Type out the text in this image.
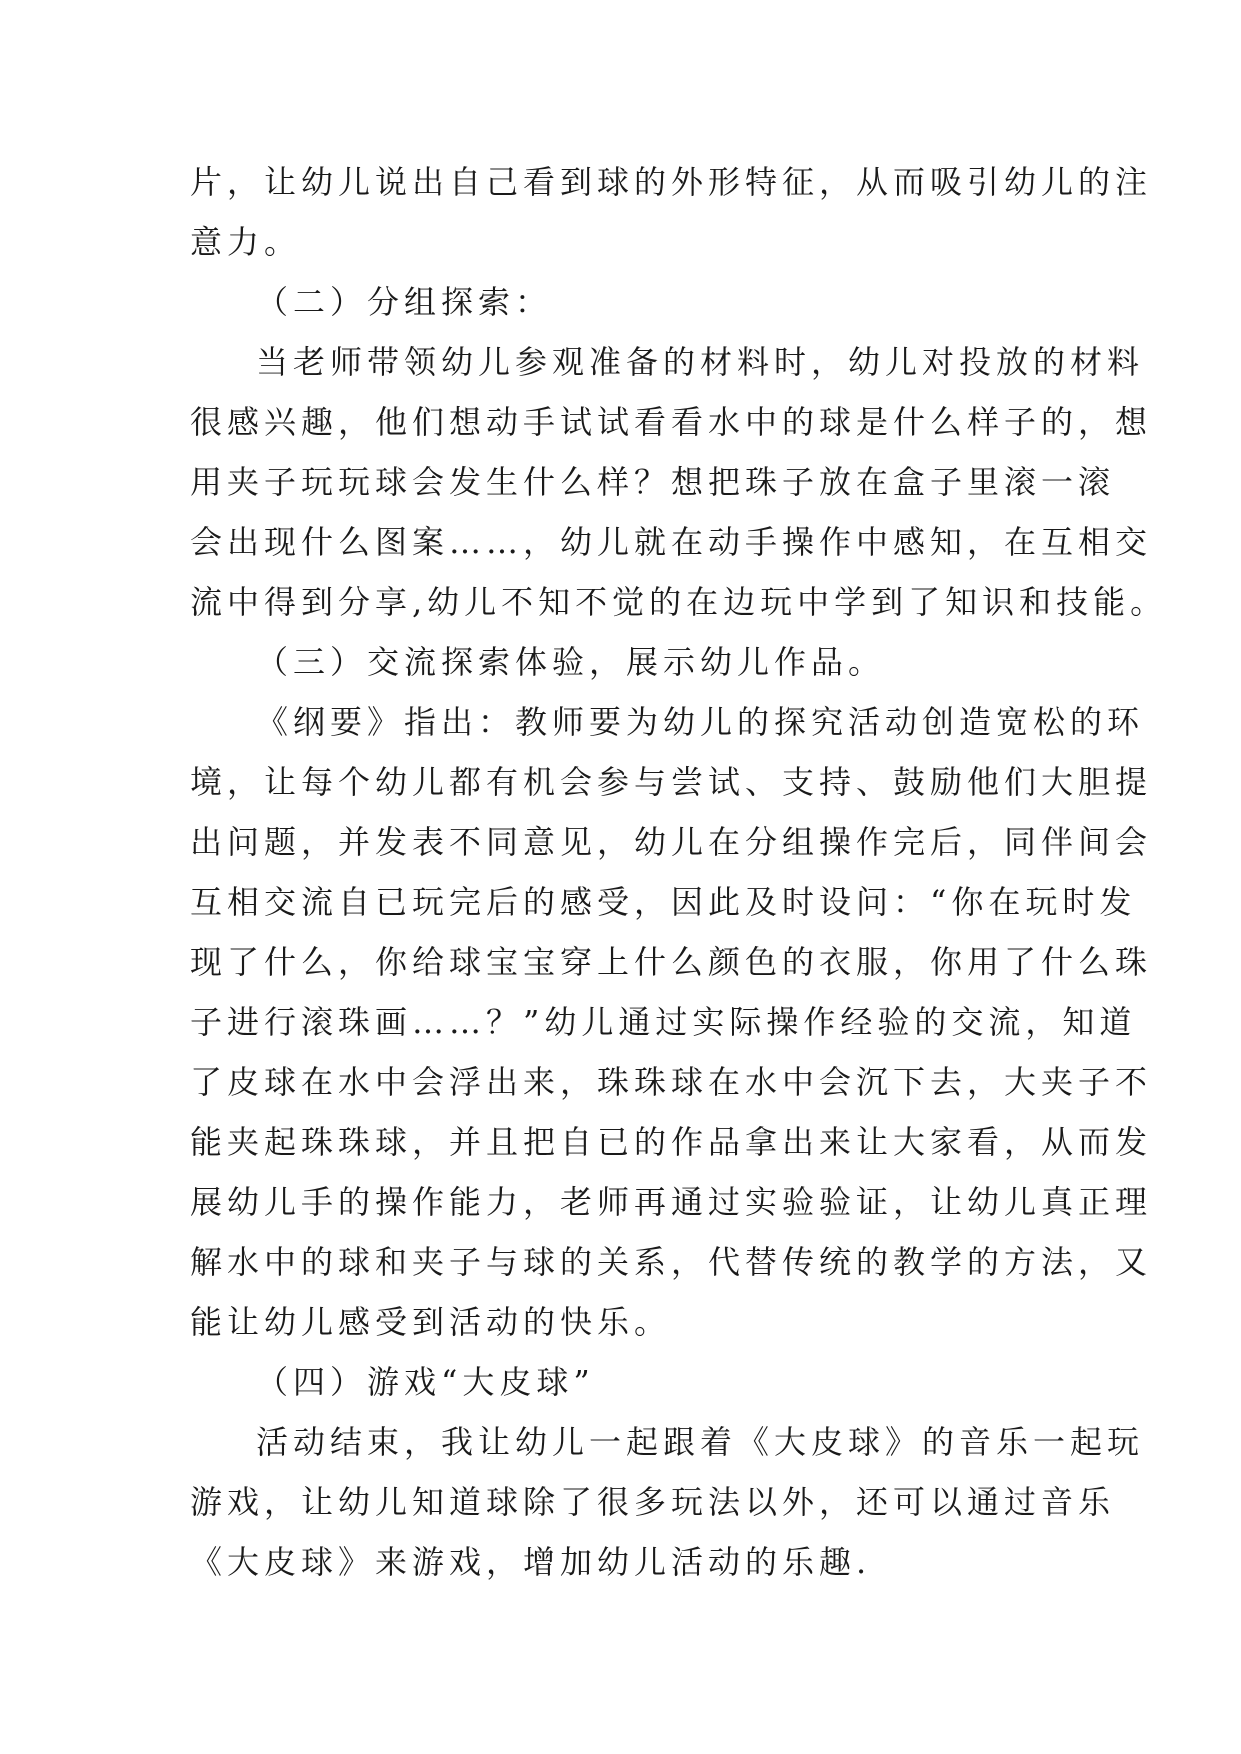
片，让幼儿说出自己看到球的外形特征，从而吸引幼儿的注
意力。
（二）分组探索：
当老师带领幼儿参观准备的材料时，幼儿对投放的材料
很感兴趣，他们想动手试试看看水中的球是什么样子的，想
用夹子玩玩球会发生什么样？想把珠子放在盒子里滚一滚
会出现什么图案……，幼儿就在动手操作中感知，在互相交
流中得到分享,幼儿不知不觉的在边玩中学到了知识和技能。
（三）交流探索体验，展示幼儿作品。
《纲要》指出：教师要为幼儿的探究活动创造宽松的环
境，让每个幼儿都有机会参与尝试、支持、鼓励他们大胆提
出问题，并发表不同意见，幼儿在分组操作完后，同伴间会
互相交流自已玩完后的感受，因此及时设问：“你在玩时发
现了什么，你给球宝宝穿上什么颜色的衣服，你用了什么珠
子进行滚珠画……？”幼儿通过实际操作经验的交流，知道
了皮球在水中会浮出来，珠珠球在水中会沉下去，大夹子不
能夹起珠珠球，并且把自已的作品拿出来让大家看，从而发
展幼儿手的操作能力，老师再通过实验验证，让幼儿真正理
解水中的球和夹子与球的关系，代替传统的教学的方法，又
能让幼儿感受到活动的快乐。
（四）游戏“大皮球”
活动结束，我让幼儿一起跟着《大皮球》的音乐一起玩
游戏，让幼儿知道球除了很多玩法以外，还可以通过音乐
《大皮球》来游戏，增加幼儿活动的乐趣.
